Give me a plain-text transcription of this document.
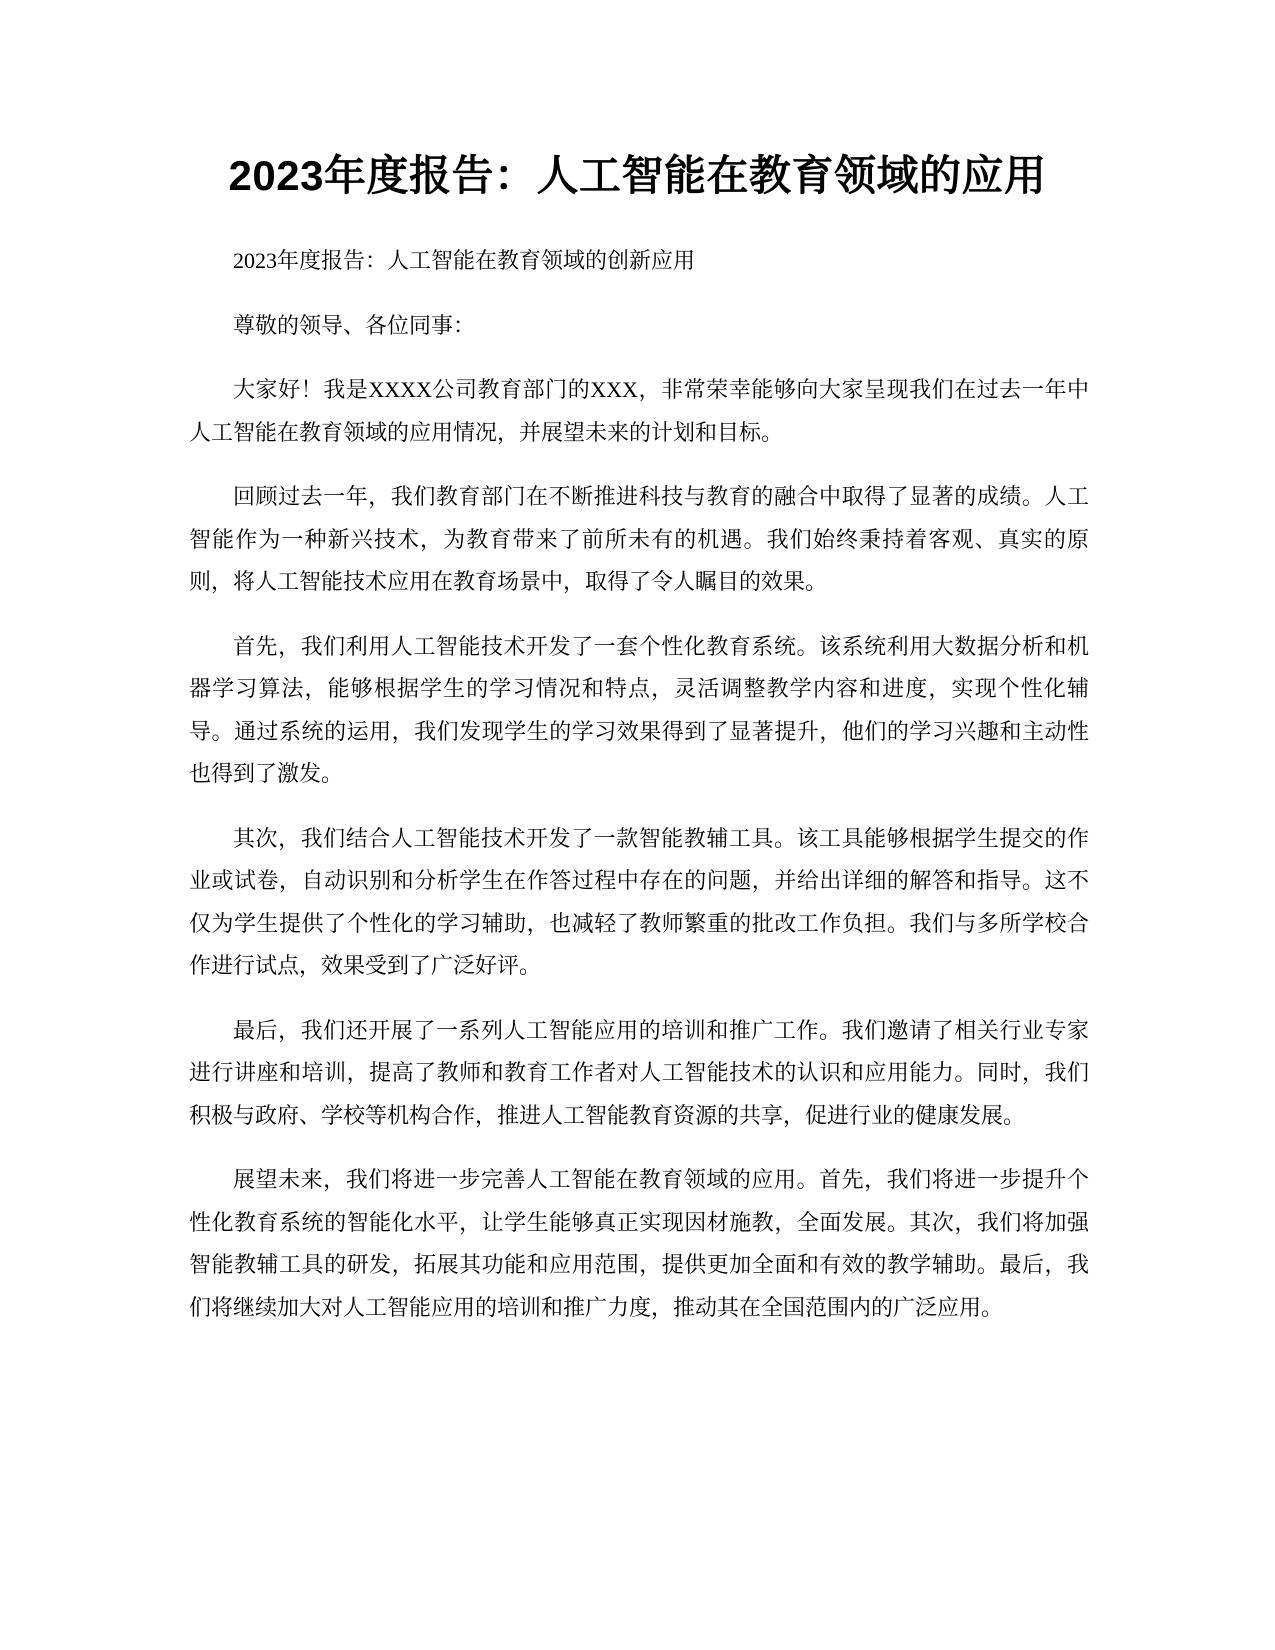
2023年度报告：人工智能在教育领域的应用

2023年度报告：人工智能在教育领域的创新应用

尊敬的领导、各位同事：

大家好！我是XXXX公司教育部门的XXX，非常荣幸能够向大家呈现我们在过去一年中人工智能在教育领域的应用情况，并展望未来的计划和目标。

回顾过去一年，我们教育部门在不断推进科技与教育的融合中取得了显著的成绩。人工智能作为一种新兴技术，为教育带来了前所未有的机遇。我们始终秉持着客观、真实的原则，将人工智能技术应用在教育场景中，取得了令人瞩目的效果。

首先，我们利用人工智能技术开发了一套个性化教育系统。该系统利用大数据分析和机器学习算法，能够根据学生的学习情况和特点，灵活调整教学内容和进度，实现个性化辅导。通过系统的运用，我们发现学生的学习效果得到了显著提升，他们的学习兴趣和主动性也得到了激发。

其次，我们结合人工智能技术开发了一款智能教辅工具。该工具能够根据学生提交的作业或试卷，自动识别和分析学生在作答过程中存在的问题，并给出详细的解答和指导。这不仅为学生提供了个性化的学习辅助，也减轻了教师繁重的批改工作负担。我们与多所学校合作进行试点，效果受到了广泛好评。

最后，我们还开展了一系列人工智能应用的培训和推广工作。我们邀请了相关行业专家进行讲座和培训，提高了教师和教育工作者对人工智能技术的认识和应用能力。同时，我们积极与政府、学校等机构合作，推进人工智能教育资源的共享，促进行业的健康发展。

展望未来，我们将进一步完善人工智能在教育领域的应用。首先，我们将进一步提升个性化教育系统的智能化水平，让学生能够真正实现因材施教，全面发展。其次，我们将加强智能教辅工具的研发，拓展其功能和应用范围，提供更加全面和有效的教学辅助。最后，我们将继续加大对人工智能应用的培训和推广力度，推动其在全国范围内的广泛应用。
